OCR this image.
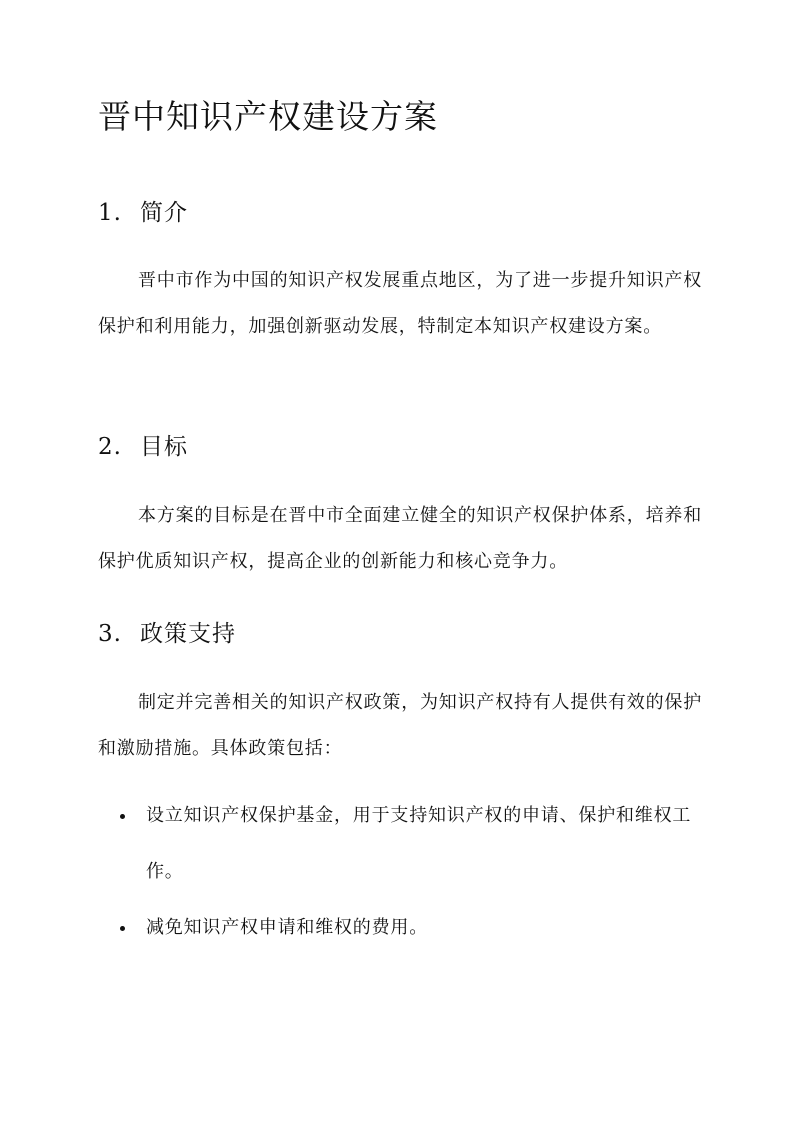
晋中知识产权建设方案
1. 简介

晋中市作为中国的知识产权发展重点地区，为了进一步提升知识产权保护和利用能力，加强创新驱动发展，特制定本知识产权建设方案。

2. 目标

本方案的目标是在晋中市全面建立健全的知识产权保护体系，培养和保护优质知识产权，提高企业的创新能力和核心竞争力。

3. 政策支持

制定并完善相关的知识产权政策，为知识产权持有人提供有效的保护和激励措施。具体政策包括：

设立知识产权保护基金，用于支持知识产权的申请、保护和维权工作。
减免知识产权申请和维权的费用。
